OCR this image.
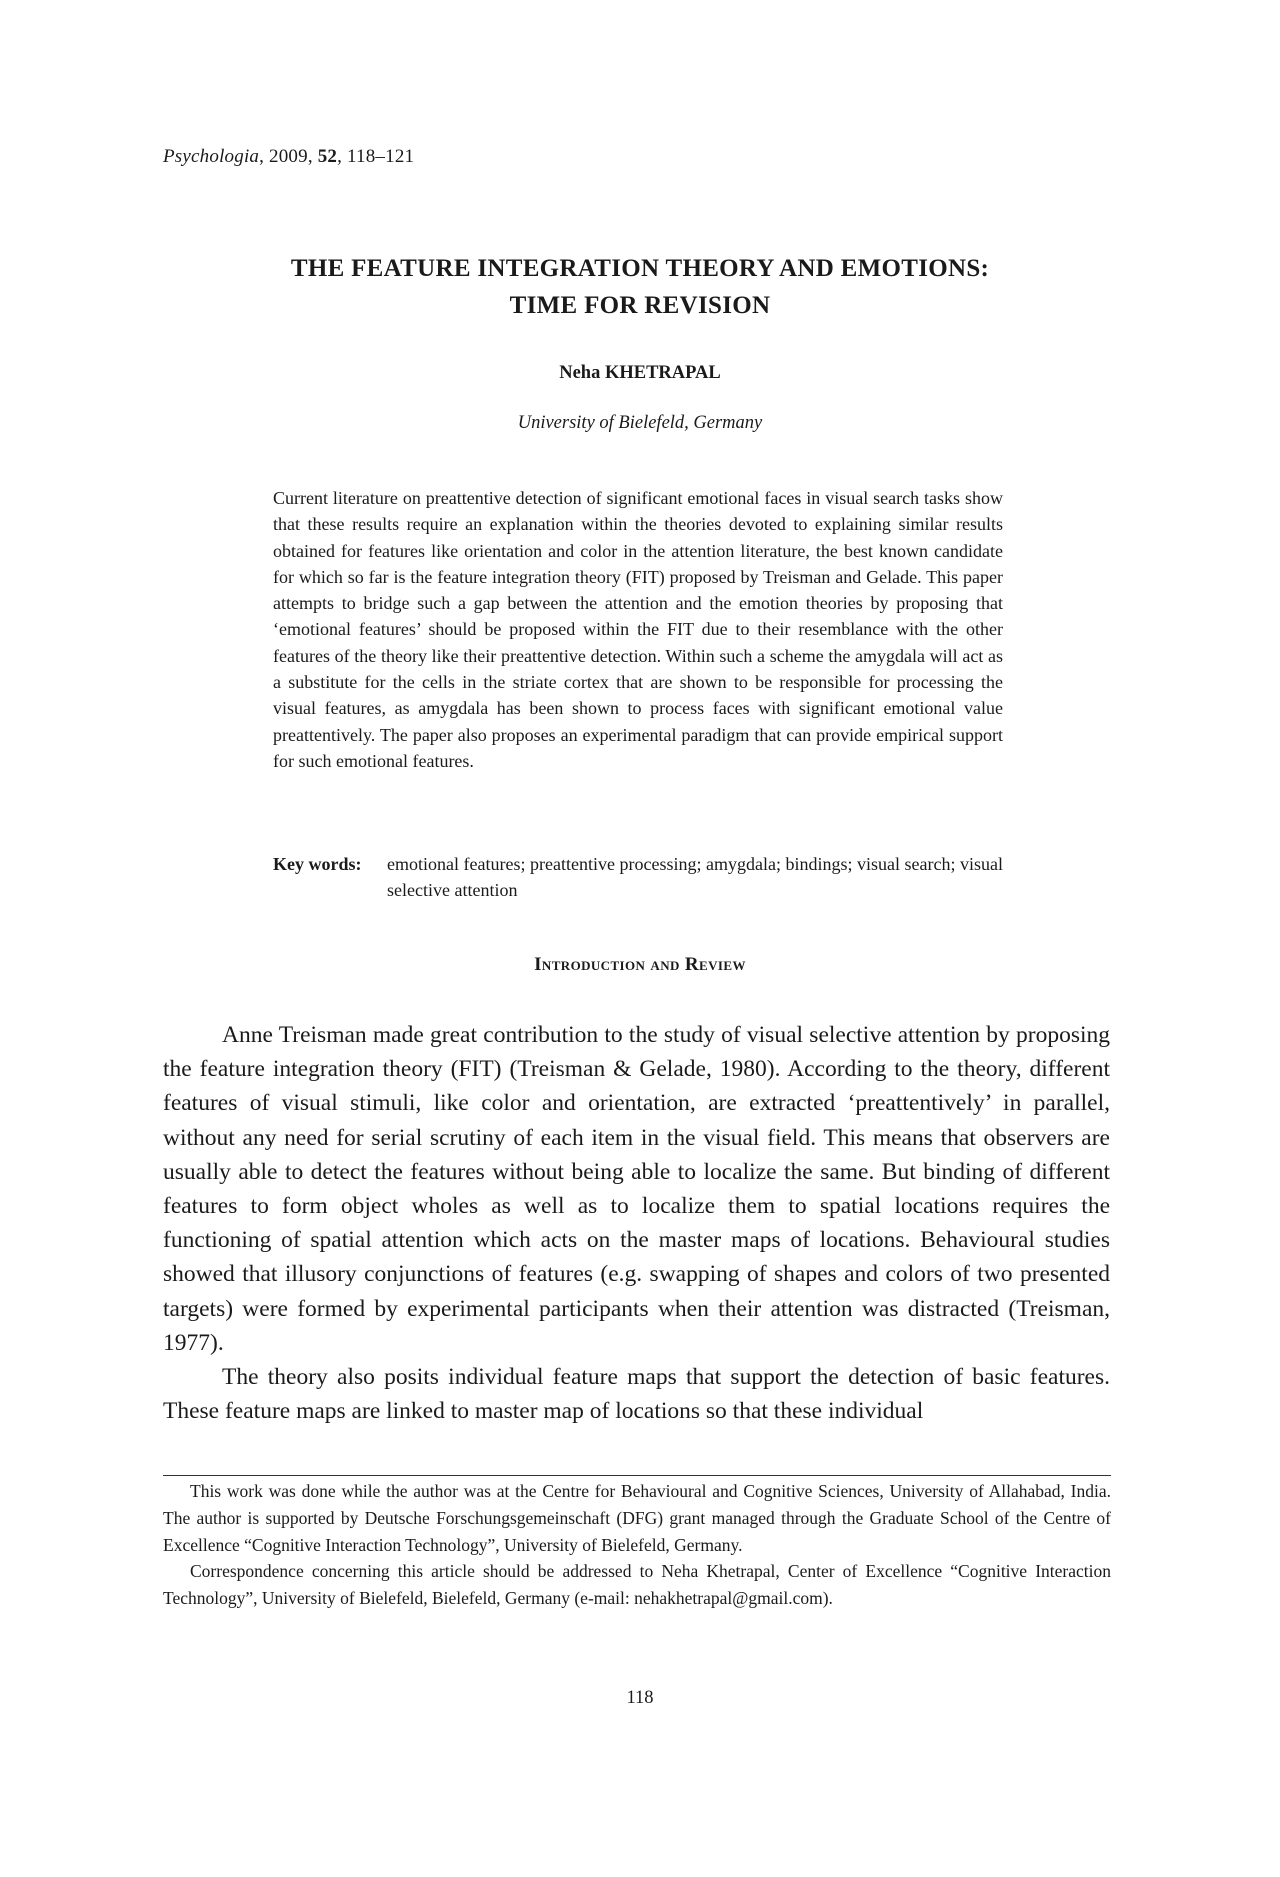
Psychologia, 2009, 52, 118–121
THE FEATURE INTEGRATION THEORY AND EMOTIONS:
TIME FOR REVISION
Neha KHETRAPAL
University of Bielefeld, Germany
Current literature on preattentive detection of significant emotional faces in visual search tasks show that these results require an explanation within the theories devoted to explaining similar results obtained for features like orientation and color in the attention literature, the best known candidate for which so far is the feature integration theory (FIT) proposed by Treisman and Gelade. This paper attempts to bridge such a gap between the attention and the emotion theories by proposing that ‘emotional features’ should be proposed within the FIT due to their resemblance with the other features of the theory like their preattentive detection. Within such a scheme the amygdala will act as a substitute for the cells in the striate cortex that are shown to be responsible for processing the visual features, as amygdala has been shown to process faces with significant emotional value preattentively. The paper also proposes an experimental paradigm that can provide empirical support for such emotional features.
Key words:	emotional features; preattentive processing; amygdala; bindings; visual search; visual selective attention
Introduction and Review

Anne Treisman made great contribution to the study of visual selective attention by proposing the feature integration theory (FIT) (Treisman & Gelade, 1980). According to the theory, different features of visual stimuli, like color and orientation, are extracted ‘preattentively’ in parallel, without any need for serial scrutiny of each item in the visual field. This means that observers are usually able to detect the features without being able to localize the same. But binding of different features to form object wholes as well as to localize them to spatial locations requires the functioning of spatial attention which acts on the master maps of locations. Behavioural studies showed that illusory conjunctions of features (e.g. swapping of shapes and colors of two presented targets) were formed by experimental participants when their attention was distracted (Treisman, 1977).

The theory also posits individual feature maps that support the detection of basic features. These feature maps are linked to master map of locations so that these individual

This work was done while the author was at the Centre for Behavioural and Cognitive Sciences, University of Allahabad, India. The author is supported by Deutsche Forschungsgemeinschaft (DFG) grant managed through the Graduate School of the Centre of Excellence “Cognitive Interaction Technology”, University of Bielefeld, Germany.

Correspondence concerning this article should be addressed to Neha Khetrapal, Center of Excellence “Cognitive Interaction Technology”, University of Bielefeld, Bielefeld, Germany (e-mail: nehakhetrapal@gmail.com).

118
